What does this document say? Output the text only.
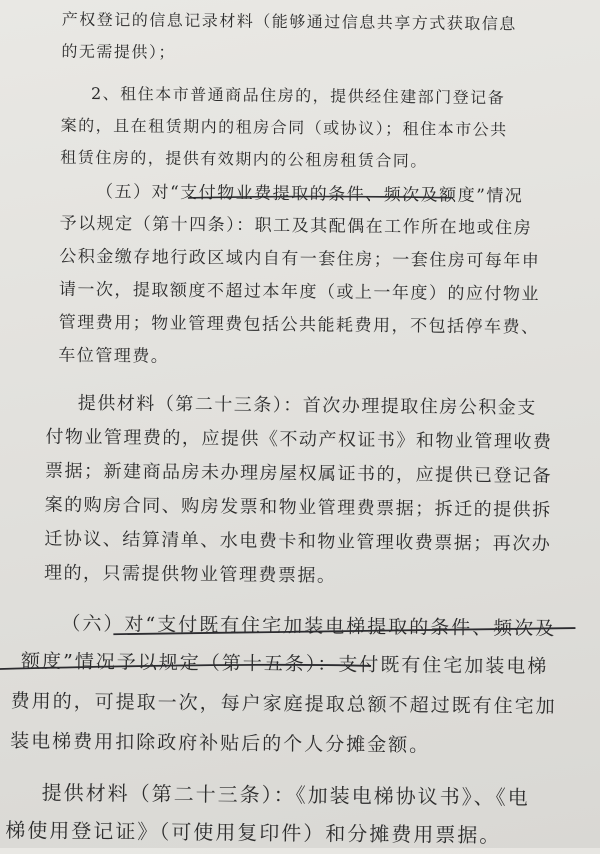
产权登记的信息记录材料（能够通过信息共享方式获取信息
的无需提供）；
2、租住本市普通商品住房的，提供经住建部门登记备
案的，且在租赁期内的租房合同（或协议）；租住本市公共
租赁住房的，提供有效期内的公租房租赁合同。
（五）对“支付物业费提取的条件、频次及额度”情况
予以规定（第十四条）：职工及其配偶在工作所在地或住房
公积金缴存地行政区域内自有一套住房；一套住房可每年申
请一次，提取额度不超过本年度（或上一年度）的应付物业
管理费用；物业管理费包括公共能耗费用，不包括停车费、
车位管理费。
提供材料（第二十三条）：首次办理提取住房公积金支
付物业管理费的，应提供《不动产权证书》和物业管理收费
票据；新建商品房未办理房屋权属证书的，应提供已登记备
案的购房合同、购房发票和物业管理费票据；拆迁的提供拆
迁协议、结算清单、水电费卡和物业管理收费票据；再次办
理的，只需提供物业管理费票据。
（六）对“支付既有住宅加装电梯提取的条件、频次及
额度”情况予以规定（第十五条）：支付既有住宅加装电梯
费用的，可提取一次，每户家庭提取总额不超过既有住宅加
装电梯费用扣除政府补贴后的个人分摊金额。
提供材料（第二十三条）：《加装电梯协议书》、《电
梯使用登记证》（可使用复印件）和分摊费用票据。
